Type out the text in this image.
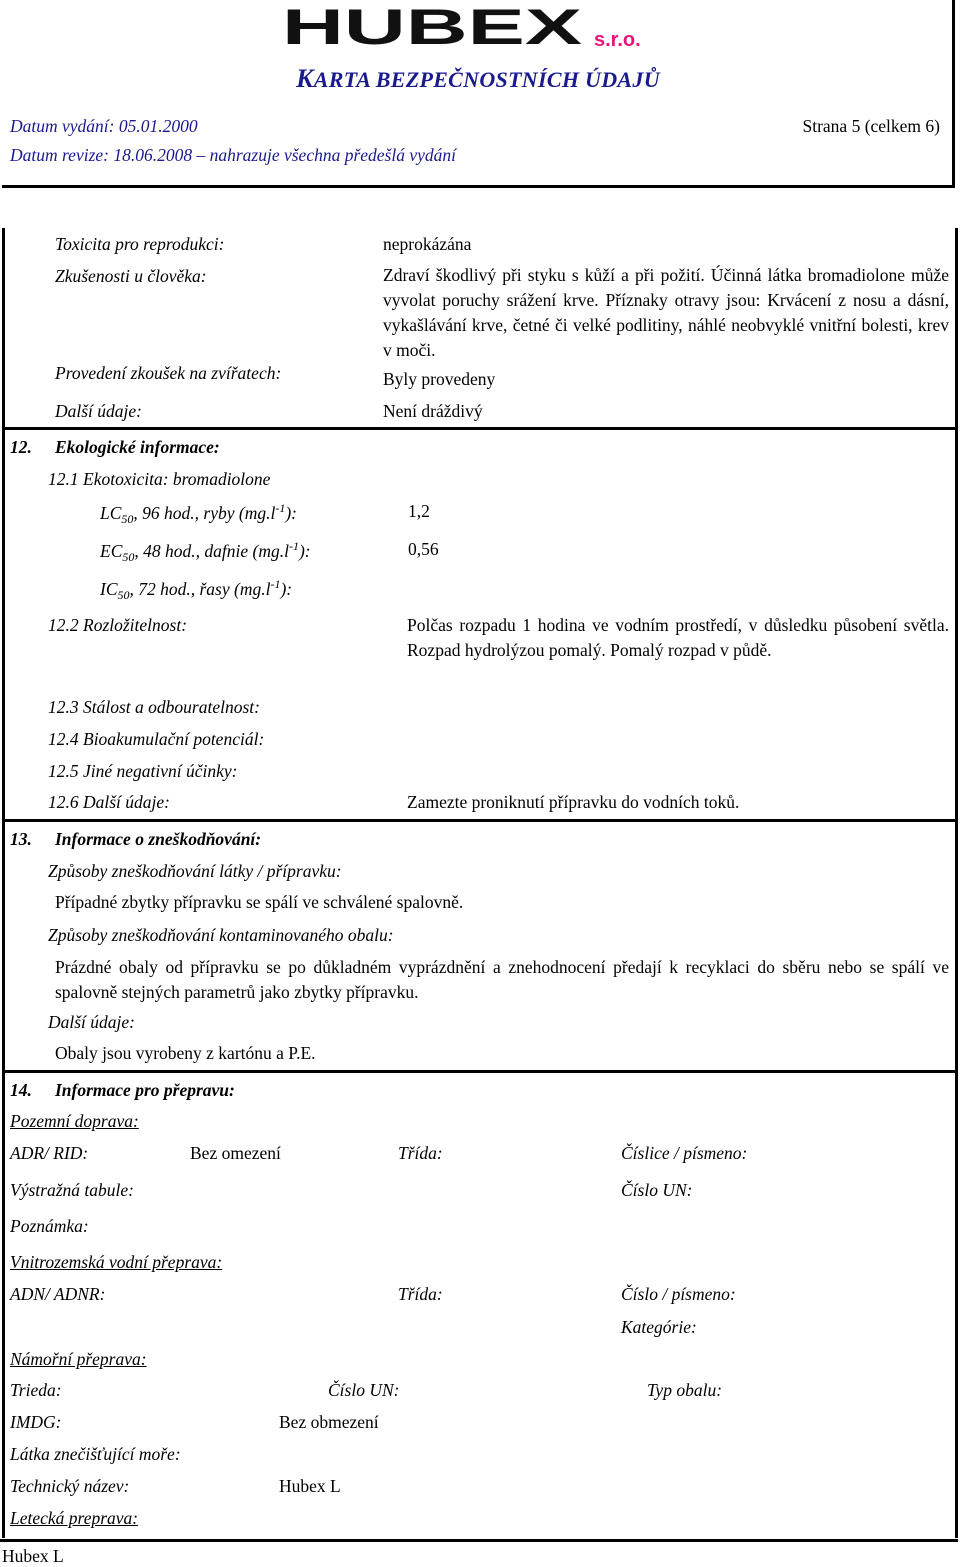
HUBEX s.r.o.
KARTA BEZPEČNOSTNÍCH ÚDAJŮ
Datum vydání: 05.01.2000	Strana 5 (celkem 6)
Datum revize: 18.06.2008 – nahrazuje všechna předešlá vydání
Toxicita pro reprodukci:	neprokázána
Zkušenosti u člověka:	Zdraví škodlivý při styku s kůží a při požití. Účinná látka bromadiolone může vyvolat poruchy srážení krve. Příznaky otravy jsou: Krvácení z nosu a dásní, vykašlávání krve, četné či velké podlitiny, náhlé neobvyklé vnitřní bolesti, krev v moči.
Provedení zkoušek na zvířatech:	Byly provedeny
Další údaje:	Není dráždivý
12. Ekologické informace:
12.1 Ekotoxicita: bromadiolone
$LC_{50}$, 96 hod., ryby $(mg.l^{-1})$:	1,2
$EC_{50}$, 48 hod., dafnie $(mg.l^{-1})$:	0,56
$IC_{50}$, 72 hod., řasy $(mg.l^{-1})$:
12.2 Rozložitelnost:	Polčas rozpadu 1 hodina ve vodním prostředí, v důsledku působení světla. Rozpad hydrolýzou pomalý. Pomalý rozpad v půdě.
12.3 Stálost a odbouratelnost:
12.4 Bioakumulační potenciál:
12.5 Jiné negativní účinky:
12.6 Další údaje:	Zamezte proniknutí přípravku do vodních toků.
13. Informace o zneškodňování:
Způsoby zneškodňování látky / přípravku:
Případné zbytky přípravku se spálí ve schválené spalovně.
Způsoby zneškodňování kontaminovaného obalu:
Prázdné obaly od přípravku se po důkladném vyprázdnění a znehodnocení předají k recyklaci do sběru nebo se spálí ve spalovně stejných parametrů jako zbytky přípravku.
Další údaje:
Obaly jsou vyrobeny z kartónu a P.E.
14. Informace pro přepravu:
Pozemní doprava:
ADR/ RID:	Bez omezení	Třída:	Číslice / písmeno:
Výstražná tabule:	Číslo UN:
Poznámka:
Vnitrozemská vodní přeprava:
ADN/ ADNR:	Třída:	Číslo / písmeno:
Kategórie:
Námořní přeprava:
Trieda:	Číslo UN:	Typ obalu:
IMDG:	Bez obmezení
Látka znečišťující moře:
Technický název:	Hubex L
Letecká preprava:
Hubex L
